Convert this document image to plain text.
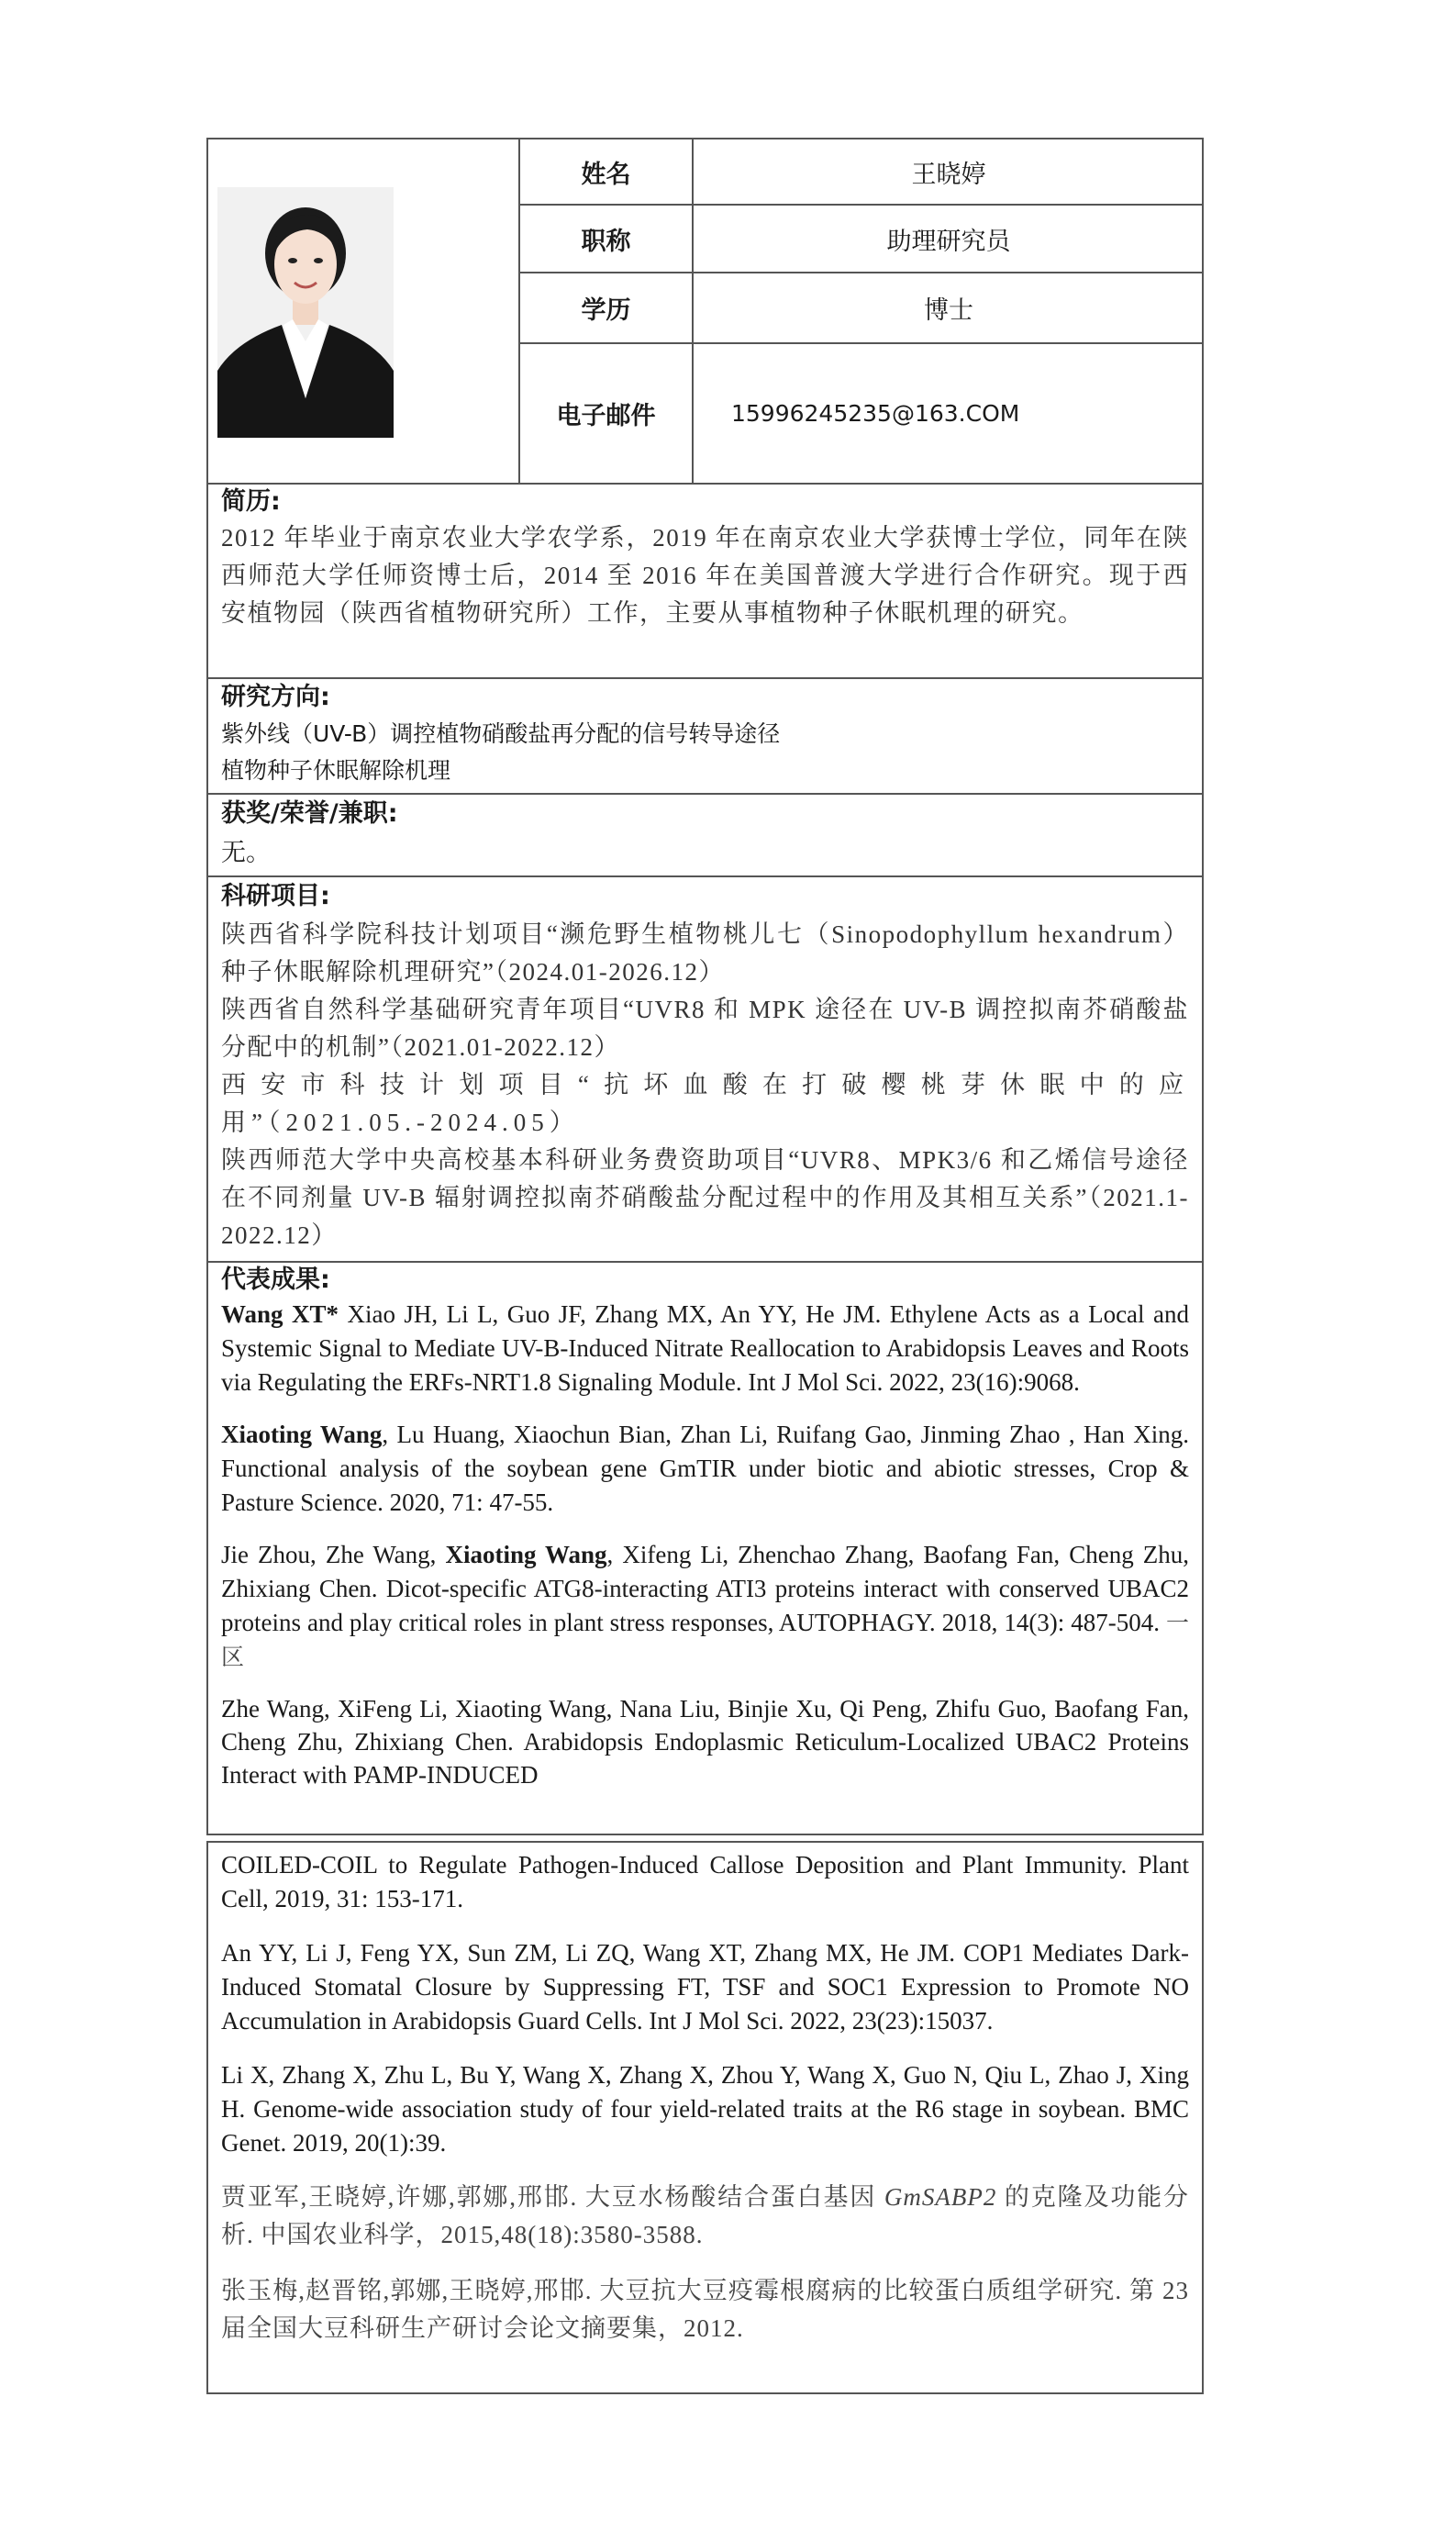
姓名	王晓婷
职称	助理研究员
学历	博士
电子邮件	15996245235@163.COM
简历:
2012 年毕业于南京农业大学农学系，2019 年在南京农业大学获博士学位，同年在陕西师范大学任师资博士后，2014 至 2016 年在美国普渡大学进行合作研究。现于西安植物园（陕西省植物研究所）工作，主要从事植物种子休眠机理的研究。
研究方向:
紫外线（UV-B）调控植物硝酸盐再分配的信号转导途径
植物种子休眠解除机理
获奖/荣誉/兼职:
无。
科研项目:
陕西省科学院科技计划项目“濒危野生植物桃儿七（Sinopodophyllum hexandrum）种子休眠解除机理研究”（2024.01-2026.12）
陕西省自然科学基础研究青年项目“UVR8 和 MPK 途径在 UV-B 调控拟南芥硝酸盐分配中的机制”（2021.01-2022.12）
西安市科技计划项目“抗坏血酸在打破樱桃芽休眠中的应用”（2021.05.-2024.05）
陕西师范大学中央高校基本科研业务费资助项目“UVR8、MPK3/6 和乙烯信号途径在不同剂量 UV-B 辐射调控拟南芥硝酸盐分配过程中的作用及其相互关系”（2021.1-2022.12）
代表成果:

Wang XT* Xiao JH, Li L, Guo JF, Zhang MX, An YY, He JM. Ethylene Acts as a Local and Systemic Signal to Mediate UV-B-Induced Nitrate Reallocation to Arabidopsis Leaves and Roots via Regulating the ERFs-NRT1.8 Signaling Module. Int J Mol Sci. 2022, 23(16):9068.

Xiaoting Wang, Lu Huang, Xiaochun Bian, Zhan Li, Ruifang Gao, Jinming Zhao , Han Xing. Functional analysis of the soybean gene GmTIR under biotic and abiotic stresses, Crop & Pasture Science. 2020, 71: 47-55.

Jie Zhou, Zhe Wang, Xiaoting Wang, Xifeng Li, Zhenchao Zhang, Baofang Fan, Cheng Zhu, Zhixiang Chen. Dicot-specific ATG8-interacting ATI3 proteins interact with conserved UBAC2 proteins and play critical roles in plant stress responses, AUTOPHAGY. 2018, 14(3): 487-504. 一区

Zhe Wang, XiFeng Li, Xiaoting Wang, Nana Liu, Binjie Xu, Qi Peng, Zhifu Guo, Baofang Fan, Cheng Zhu, Zhixiang Chen. Arabidopsis Endoplasmic Reticulum-Localized UBAC2 Proteins Interact with PAMP-INDUCED

COILED-COIL to Regulate Pathogen-Induced Callose Deposition and Plant Immunity. Plant Cell, 2019, 31: 153-171.

An YY, Li J, Feng YX, Sun ZM, Li ZQ, Wang XT, Zhang MX, He JM. COP1 Mediates Dark-Induced Stomatal Closure by Suppressing FT, TSF and SOC1 Expression to Promote NO Accumulation in Arabidopsis Guard Cells. Int J Mol Sci. 2022, 23(23):15037.

Li X, Zhang X, Zhu L, Bu Y, Wang X, Zhang X, Zhou Y, Wang X, Guo N, Qiu L, Zhao J, Xing H. Genome-wide association study of four yield-related traits at the R6 stage in soybean. BMC Genet. 2019, 20(1):39.

贾亚军,王晓婷,许娜,郭娜,邢邯. 大豆水杨酸结合蛋白基因 GmSABP2 的克隆及功能分析. 中国农业科学，2015,48(18):3580-3588.

张玉梅,赵晋铭,郭娜,王晓婷,邢邯. 大豆抗大豆疫霉根腐病的比较蛋白质组学研究. 第 23 届全国大豆科研生产研讨会论文摘要集，2012.
